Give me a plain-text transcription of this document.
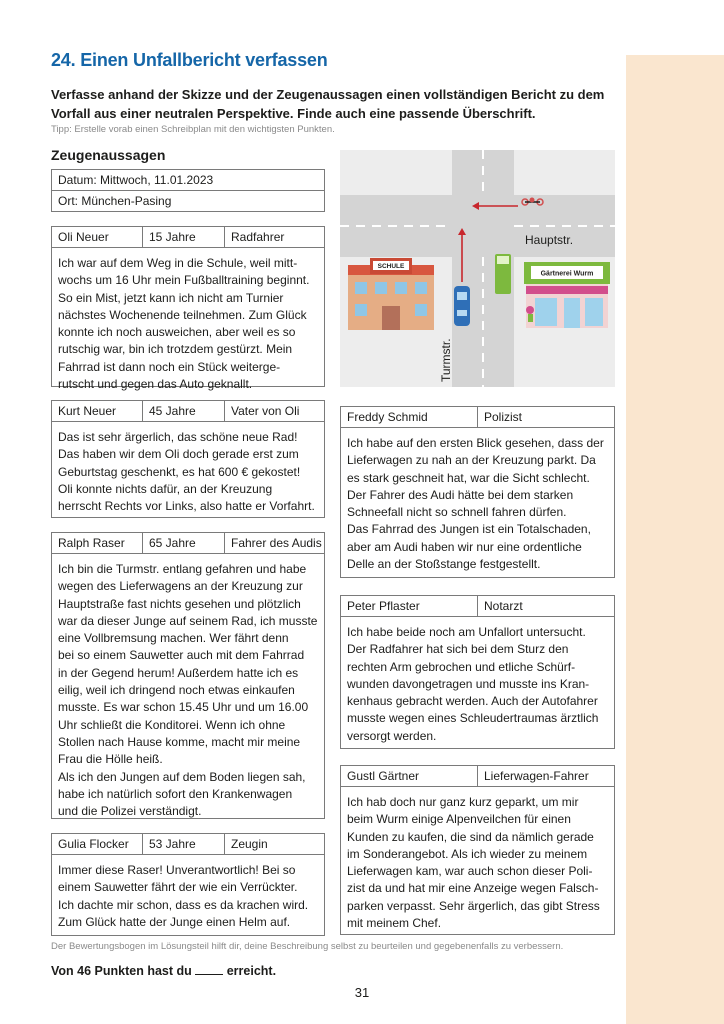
24. Einen Unfallbericht verfassen
Verfasse anhand der Skizze und der Zeugenaussagen einen vollständigen Bericht zu dem Vorfall aus einer neutralen Perspektive. Finde auch eine passende Überschrift.
Tipp: Erstelle vorab einen Schreibplan mit den wichtigsten Punkten.
Zeugenaussagen
Datum: Mittwoch, 11.01.2023
Ort: München-Pasing
Oli Neuer	15 Jahre	Radfahrer
Ich war auf dem Weg in die Schule, weil mitt-
wochs um 16 Uhr mein Fußballtraining beginnt.
So ein Mist, jetzt kann ich nicht am Turnier
nächstes Wochenende teilnehmen. Zum Glück
konnte ich noch ausweichen, aber weil es so
rutschig war, bin ich trotzdem gestürzt. Mein
Fahrrad ist dann noch ein Stück weiterge-
rutscht und gegen das Auto geknallt.
Kurt Neuer	45 Jahre	Vater von Oli
Das ist sehr ärgerlich, das schöne neue Rad!
Das haben wir dem Oli doch gerade erst zum
Geburtstag geschenkt, es hat 600 € gekostet!
Oli konnte nichts dafür, an der Kreuzung
herrscht Rechts vor Links, also hatte er Vorfahrt.
Ralph Raser	65 Jahre	Fahrer des Audis
Ich bin die Turmstr. entlang gefahren und habe
wegen des Lieferwagens an der Kreuzung zur
Hauptstraße fast nichts gesehen und plötzlich
war da dieser Junge auf seinem Rad, ich musste
eine Vollbremsung machen. Wer fährt denn
bei so einem Sauwetter auch mit dem Fahrrad
in der Gegend herum! Außerdem hatte ich es
eilig, weil ich dringend noch etwas einkaufen
musste. Es war schon 15.45 Uhr und um 16.00
Uhr schließt die Konditorei. Wenn ich ohne
Stollen nach Hause komme, macht mir meine
Frau die Hölle heiß.
Als ich den Jungen auf dem Boden liegen sah,
habe ich natürlich sofort den Krankenwagen
und die Polizei verständigt.
Gulia Flocker	53 Jahre	Zeugin
Immer diese Raser! Unverantwortlich! Bei so
einem Sauwetter fährt der wie ein Verrückter.
Ich dachte mir schon, dass es da krachen wird.
Zum Glück hatte der Junge einen Helm auf.
Freddy Schmid	Polizist
Ich habe auf den ersten Blick gesehen, dass der
Lieferwagen zu nah an der Kreuzung parkt. Da
es stark geschneit hat, war die Sicht schlecht.
Der Fahrer des Audi hätte bei dem starken
Schneefall nicht so schnell fahren dürfen.
Das Fahrrad des Jungen ist ein Totalschaden,
aber am Audi haben wir nur eine ordentliche
Delle an der Stoßstange festgestellt.
Peter Pflaster	Notarzt
Ich habe beide noch am Unfallort untersucht.
Der Radfahrer hat sich bei dem Sturz den
rechten Arm gebrochen und etliche Schürf-
wunden davongetragen und musste ins Kran-
kenhaus gebracht werden. Auch der Autofahrer
musste wegen eines Schleudertraumas ärztlich
versorgt werden.
Gustl Gärtner	Lieferwagen-Fahrer
Ich hab doch nur ganz kurz geparkt, um mir
beim Wurm einige Alpenveilchen für einen
Kunden zu kaufen, die sind da nämlich gerade
im Sonderangebot. Als ich wieder zu meinem
Lieferwagen kam, war auch schon dieser Poli-
zist da und hat mir eine Anzeige wegen Falsch-
parken verpasst. Sehr ärgerlich, das gibt Stress
mit meinem Chef.
SCHULE
Gärtnerei Wurm
Hauptstr.
Turmstr.
Der Bewertungsbogen im Lösungsteil hilft dir, deine Beschreibung selbst zu beurteilen und gegebenenfalls zu verbessern.
Von 46 Punkten hast du	erreicht.
31
